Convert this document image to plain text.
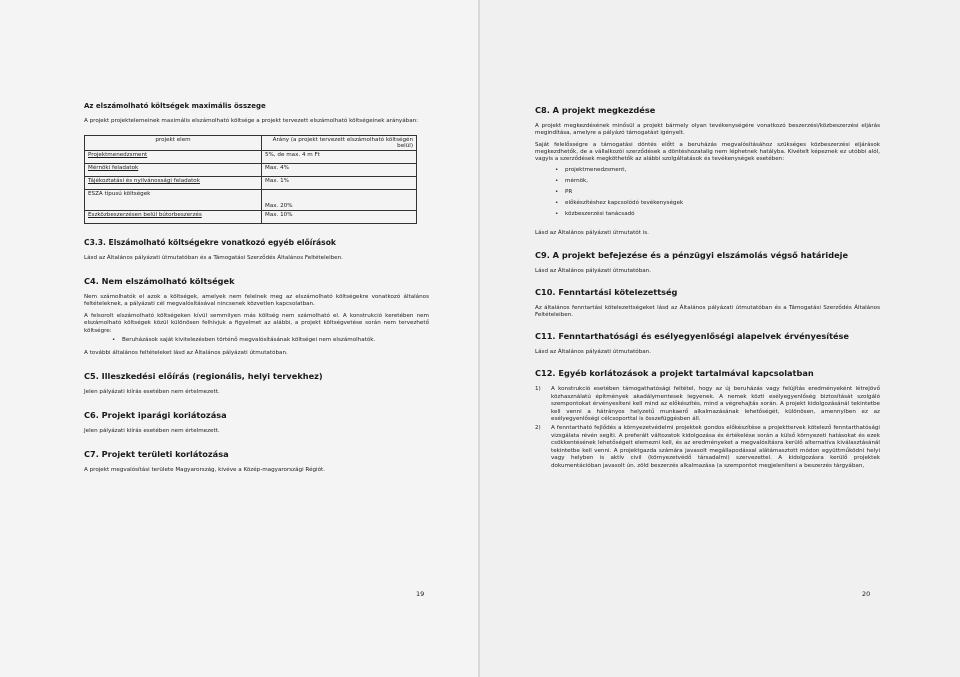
Az elszámolható költségek maximális összege
A projekt projektelemeinek maximális elszámolható költsége a projekt tervezett elszámolható költségeinek arányában:
projekt elem	Arány (a projekt tervezett elszámolható költségén belül)
Projektmenedzsment	5%, de max. 4 m Ft
Mérnöki feladatok	Max. 4%
Tájékoztatási és nyilvánossági feladatok	Max. 1%
ESZA típusú költségek	Max. 20%
Eszközbeszerzésen belül bútorbeszerzés	Max. 10%
C3.3. Elszámolható költségekre vonatkozó egyéb előírások
Lásd az Általános pályázati útmutatóban és a Támogatási Szerződés Általános Feltételeiben.
C4. Nem elszámolható költségek
Nem számolhatók el azok a költségek, amelyek nem felelnek meg az elszámolható költségekre vonatkozó általános feltételeknek, a pályázati cél megvalósításával nincsenek közvetlen kapcsolatban.
A felsorolt elszámolható költségeken kívül semmilyen más költség nem számolható el. A konstrukció keretében nem elszámolható költségek közül különösen felhívjuk a figyelmet az alábbi, a projekt költségvetése során nem tervezhető költségre:
• Beruházások saját kivitelezésben történő megvalósításának költségei nem elszámolhatók.
A további általános feltételeket lásd az Általános pályázati útmutatóban.
C5. Illeszkedési előírás (regionális, helyi tervekhez)
Jelen pályázati kiírás esetében nem értelmezett.
C6. Projekt iparági koriátozása
Jelen pályázati kiírás esetében nem értelmezett.
C7. Projekt területi korlátozása
A projekt megvalósítási területe Magyarország, kivéve a Közép-magyarországi Régiót.
19
C8. A projekt megkezdése
A projekt megkezdésének minősül a projekt bármely olyan tevékenységére vonatkozó beszerzési/közbeszerzési eljárás megindítása, amelyre a pályázó támogatást igényelt.
Saját felelősségre a támogatási döntés előtt a beruházás megvalósításához szükséges közbeszerzési eljárások megkezdhetők, de a vállalkozói szerződések a döntéshozatalig nem léphetnek hatályba. Kivételt képeznek ez utóbbi alól, vagyis a szerződések megköthetők az alábbi szolgáltatások és tevékenységek esetében:
• projektmenedzsment,
• mérnök,
• PR
• előkészítéshez kapcsolódó tevékenységek
• közbeszerzési tanácsadó
Lásd az Általános pályázati útmutatót is.
C9. A projekt befejezése és a pénzügyi elszámolás végső határideje
Lásd az Általános pályázati útmutatóban.
C10. Fenntartási kötelezettség
Az általános fenntartási kötelezettségeket lásd az Általános pályázati útmutatóban és a Támogatási Szerződés Általános Feltételeiben.
C11. Fenntarthatósági és esélyegyenlőségi alapelvek érvényesítése
Lásd az Általános pályázati útmutatóban.
C12. Egyéb korlátozások a projekt tartalmával kapcsolatban
1) A konstrukció esetében támogathatósági feltétel, hogy az új beruházás vagy felújítás eredményeként létrejövő közhasználatú építmények akadálymentesek legyenek. A nemek közti esélyegyenlőség biztosítását szolgáló szempontokat érvényesíteni kell mind az előkészítés, mind a végrehajtás során. A projekt kidolgozásánál tekintetbe kell venni a hátrányos helyzetű munkaerő alkalmazásának lehetőségét, különösen, amennyiben ez az esélyegyenlőségi célcsoporttal is összefüggésben áll.
2) A fenntartható fejlődés a környezetvédelmi projektek gondos előkészítése a projekttervek kötelező fenntarthatósági vizsgálata révén segíti. A preferált változatok kidolgozása és értékelése során a külső környezeti hatásokat és ezek csökkentésének lehetőségeit elemezni kell, és az eredményeket a megvalósításra kerülő alternatíva kiválasztásánál tekintetbe kell venni. A projektgazda számára javasolt megállapodással alátámasztott módon együttműködni helyi vagy helyben is aktív civil (környezetvédő társadalmi) szervezettel. A kidolgozásra kerülő projektek dokumentációban javasolt ún. zöld beszerzés alkalmazása (a szempontot megjeleníteni a beszerzés tárgyában,
20
